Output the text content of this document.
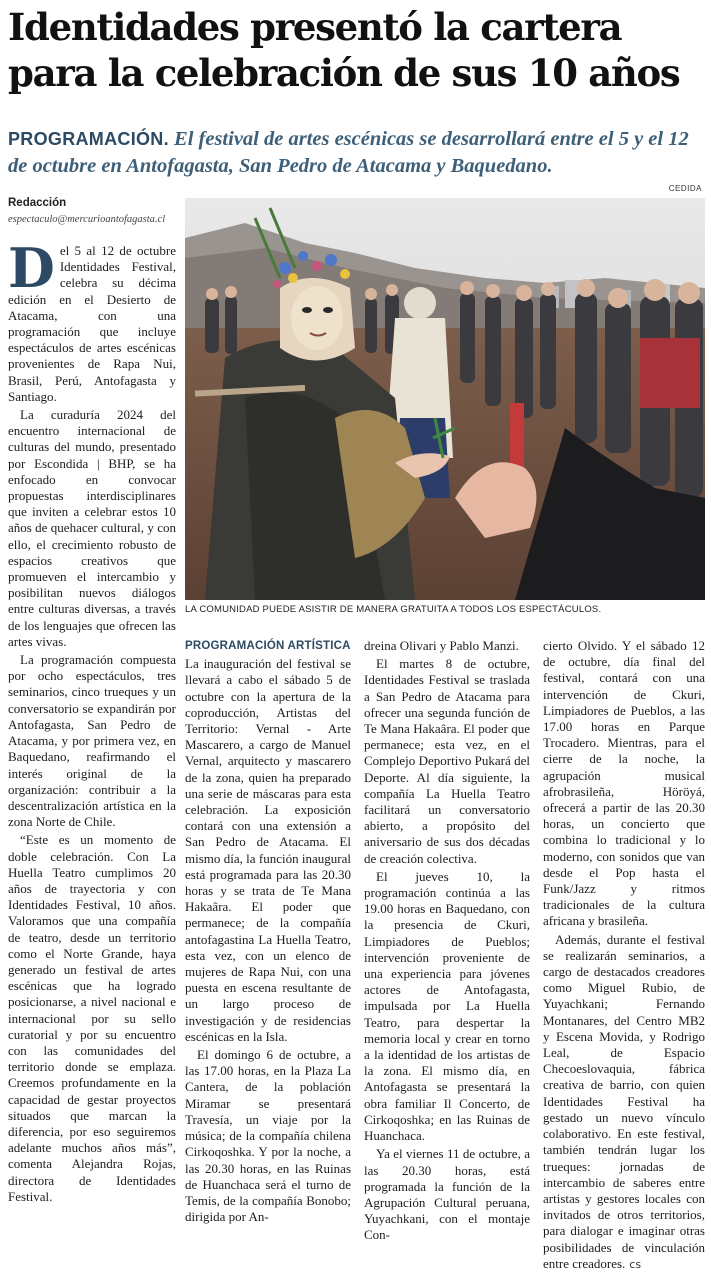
Identidades presentó la cartera para la celebración de sus 10 años
PROGRAMACIÓN. El festival de artes escénicas se desarrollará entre el 5 y el 12 de octubre en Antofagasta, San Pedro de Atacama y Baquedano.
CEDIDA
Redacción
espectaculo@mercurioantofagasta.cl
LA COMUNIDAD PUEDE ASISTIR DE MANERA GRATUITA A TODOS LOS ESPECTÁCULOS.

Del 5 al 12 de octubre Identidades Festival, celebra su décima edición en el Desierto de Atacama, con una programación que incluye espectáculos de artes escénicas provenientes de Rapa Nui, Brasil, Perú, Antofagasta y Santiago.

La curaduría 2024 del encuentro internacional de culturas del mundo, presentado por Escondida | BHP, se ha enfocado en convocar propuestas interdisciplinares que inviten a celebrar estos 10 años de quehacer cultural, y con ello, el crecimiento robusto de espacios creativos que promueven el intercambio y posibilitan nuevos diálogos entre culturas diversas, a través de los lenguajes que ofrecen las artes vivas.

La programación compuesta por ocho espectáculos, tres seminarios, cinco trueques y un conversatorio se expandirán por Antofagasta, San Pedro de Atacama, y por primera vez, en Baquedano, reafirmando el interés original de la organización: contribuir a la descentralización artística en la zona Norte de Chile.

“Este es un momento de doble celebración. Con La Huella Teatro cumplimos 20 años de trayectoria y con Identidades Festival, 10 años. Valoramos que una compañía de teatro, desde un territorio como el Norte Grande, haya generado un festival de artes escénicas que ha logrado posicionarse, a nivel nacional e internacional por su sello curatorial y por su encuentro con las comunidades del territorio donde se emplaza. Creemos profundamente en la capacidad de gestar proyectos situados que marcan la diferencia, por eso seguiremos adelante muchos años más”, comenta Alejandra Rojas, directora de Identidades Festival.

PROGRAMACIÓN ARTÍSTICA

La inauguración del festival se llevará a cabo el sábado 5 de octubre con la apertura de la coproducción, Artistas del Territorio: Vernal - Arte Mascarero, a cargo de Manuel Vernal, arquitecto y mascarero de la zona, quien ha preparado una serie de máscaras para esta celebración. La exposición contará con una extensión a San Pedro de Atacama. El mismo día, la función inaugural está programada para las 20.30 horas y se trata de Te Mana Hakaâra. El poder que permanece; de la compañía antofagastina La Huella Teatro, esta vez, con un elenco de mujeres de Rapa Nui, con una puesta en escena resultante de un largo proceso de investigación y de residencias escénicas en la Isla.

El domingo 6 de octubre, a las 17.00 horas, en la Plaza La Cantera, de la población Miramar se presentará Travesía, un viaje por la música; de la compañía chilena Cirkoqoshka. Y por la noche, a las 20.30 horas, en las Ruinas de Huanchaca será el turno de Temis, de la compañía Bonobo; dirigida por An-

dreina Olivari y Pablo Manzi.

El martes 8 de octubre, Identidades Festival se traslada a San Pedro de Atacama para ofrecer una segunda función de Te Mana Hakaâra. El poder que permanece; esta vez, en el Complejo Deportivo Pukará del Deporte. Al día siguiente, la compañía La Huella Teatro facilitará un conversatorio abierto, a propósito del aniversario de sus dos décadas de creación colectiva.

El jueves 10, la programación continúa a las 19.00 horas en Baquedano, con la presencia de Ckuri, Limpiadores de Pueblos; intervención proveniente de una experiencia para jóvenes actores de Antofagasta, impulsada por La Huella Teatro, para despertar la memoria local y crear en torno a la identidad de los artistas de la zona. El mismo día, en Antofagasta se presentará la obra familiar Il Concerto, de Cirkoqoshka; en las Ruinas de Huanchaca.

Ya el viernes 11 de octubre, a las 20.30 horas, está programada la función de la Agrupación Cultural peruana, Yuyachkani, con el montaje Con-

cierto Olvido. Y el sábado 12 de octubre, día final del festival, contará con una intervención de Ckuri, Limpiadores de Pueblos, a las 17.00 horas en Parque Trocadero. Mientras, para el cierre de la noche, la agrupación musical afrobrasileña, Höröyá, ofrecerá a partir de las 20.30 horas, un concierto que combina lo tradicional y lo moderno, con sonidos que van desde el Pop hasta el Funk/Jazz y ritmos tradicionales de la cultura africana y brasileña.

Además, durante el festival se realizarán seminarios, a cargo de destacados creadores como Miguel Rubio, de Yuyachkani; Fernando Montanares, del Centro MB2 y Escena Movida, y Rodrigo Leal, de Espacio Checoeslovaquia, fábrica creativa de barrio, con quien Identidades Festival ha gestado un nuevo vínculo colaborativo. En este festival, también tendrán lugar los trueques: jornadas de intercambio de saberes entre artistas y gestores locales con invitados de otros territorios, para dialogar e imaginar otras posibilidades de vinculación entre creadores. cs
